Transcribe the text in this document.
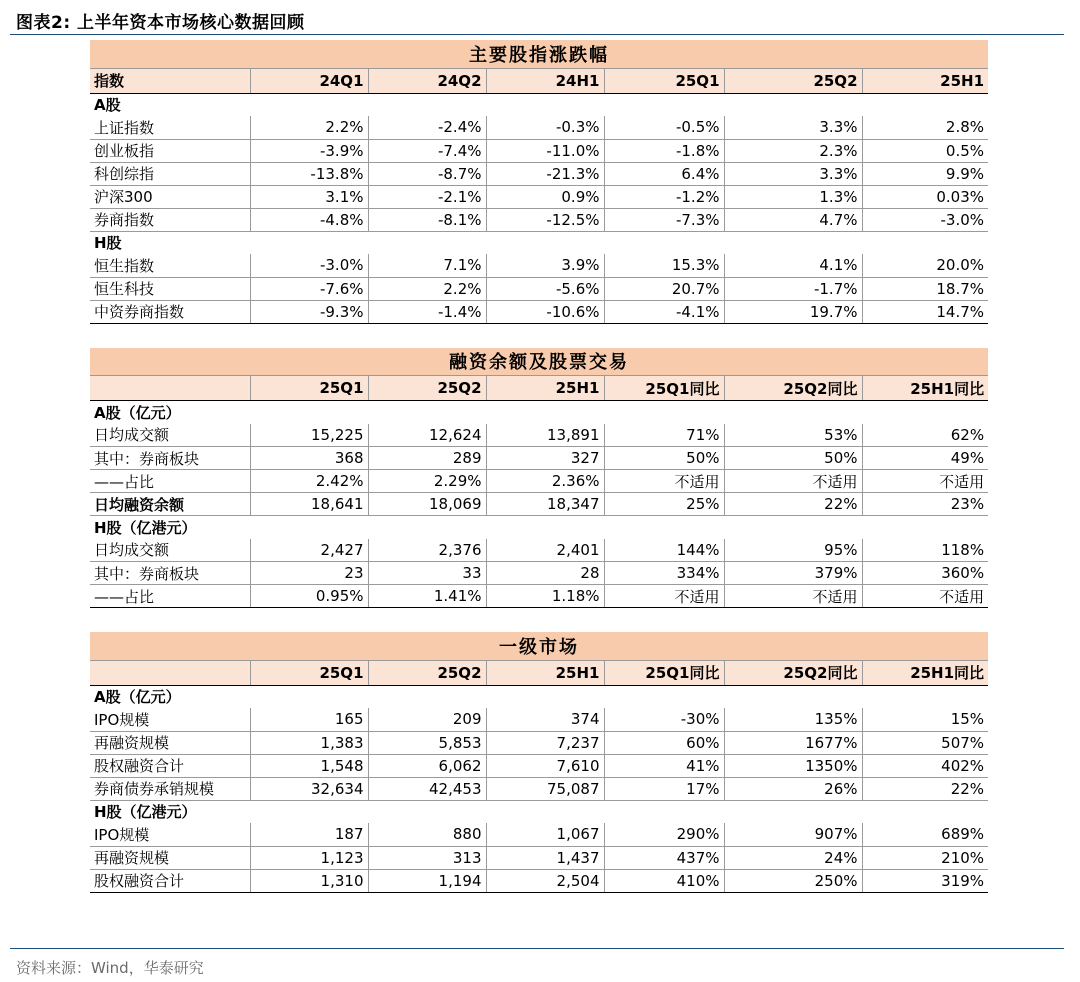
图表2: 上半年资本市场核心数据回顾
主要股指涨跌幅						
指数	24Q1	24Q2	24H1	25Q1	25Q2	25H1
A股						
上证指数	2.2%	-2.4%	-0.3%	-0.5%	3.3%	2.8%
创业板指	-3.9%	-7.4%	-11.0%	-1.8%	2.3%	0.5%
科创综指	-13.8%	-8.7%	-21.3%	6.4%	3.3%	9.9%
沪深300	3.1%	-2.1%	0.9%	-1.2%	1.3%	0.03%
券商指数	-4.8%	-8.1%	-12.5%	-7.3%	4.7%	-3.0%
H股						
恒生指数	-3.0%	7.1%	3.9%	15.3%	4.1%	20.0%
恒生科技	-7.6%	2.2%	-5.6%	20.7%	-1.7%	18.7%
中资券商指数	-9.3%	-1.4%	-10.6%	-4.1%	19.7%	14.7%
融资余额及股票交易						
	25Q1	25Q2	25H1	25Q1同比	25Q2同比	25H1同比
A股（亿元）						
日均成交额	15,225	12,624	13,891	71%	53%	62%
其中：券商板块	368	289	327	50%	50%	49%
——占比	2.42%	2.29%	2.36%	不适用	不适用	不适用
日均融资余额	18,641	18,069	18,347	25%	22%	23%
H股（亿港元）						
日均成交额	2,427	2,376	2,401	144%	95%	118%
其中：券商板块	23	33	28	334%	379%	360%
——占比	0.95%	1.41%	1.18%	不适用	不适用	不适用
一级市场						
	25Q1	25Q2	25H1	25Q1同比	25Q2同比	25H1同比
A股（亿元）						
IPO规模	165	209	374	-30%	135%	15%
再融资规模	1,383	5,853	7,237	60%	1677%	507%
股权融资合计	1,548	6,062	7,610	41%	1350%	402%
券商债券承销规模	32,634	42,453	75,087	17%	26%	22%
H股（亿港元）						
IPO规模	187	880	1,067	290%	907%	689%
再融资规模	1,123	313	1,437	437%	24%	210%
股权融资合计	1,310	1,194	2,504	410%	250%	319%
资料来源：Wind，华泰研究
